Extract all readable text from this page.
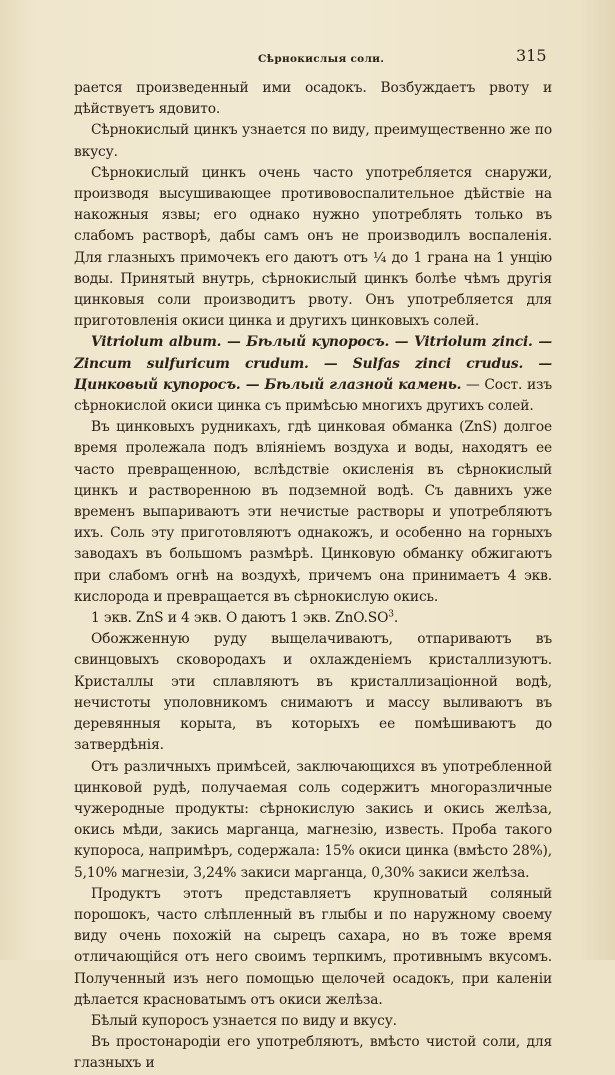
Сѣрнокислыя соли.	315

рается произведенный ими осадокъ. Возбуждаетъ рвоту и дѣйствуетъ ядовито.

Сѣрнокислый цинкъ узнается по виду, преимущественно же по вкусу.

Сѣрнокислый цинкъ очень часто употребляется снаружи, производя высушивающее противовоспалительное дѣйствіе на накожныя язвы; его однако нужно употреблять только въ слабомъ растворѣ, дабы самъ онъ не производилъ воспаленія. Для глазныхъ примочекъ его даютъ отъ ¼ до 1 грана на 1 унцію воды. Принятый внутрь, сѣрнокислый цинкъ болѣе чѣмъ другія цинковыя соли производитъ рвоту. Онъ употребляется для приготовленія окиси цинка и другихъ цинковыхъ солей.

Vitriolum album. — Бѣлый купоросъ. — Vitriolum zinci. — Zincum sulfuricum crudum. — Sulfas zinci crudus. — Цинковый купоросъ. — Бѣлый глазной камень. — Сост. изъ сѣрнокислой окиси цинка съ примѣсью многихъ другихъ солей.

Въ цинковыхъ рудникахъ, гдѣ цинковая обманка (ZnS) долгое время пролежала подъ вліяніемъ воздуха и воды, находятъ ее часто превращенною, вслѣдствіе окисленія въ сѣрнокислый цинкъ и растворенною въ подземной водѣ. Съ давнихъ уже временъ выпариваютъ эти нечистые растворы и употребляютъ ихъ. Соль эту приготовляютъ однакожъ, и особенно на горныхъ заводахъ въ большомъ размѣрѣ. Цинковую обманку обжигаютъ при слабомъ огнѣ на воздухѣ, причемъ она принимаетъ 4 экв. кислорода и превращается въ сѣрнокислую окись.

1 экв. ZnS и 4 экв. O даютъ 1 экв. $ZnO.SO^3$.

Обожженную руду выщелачиваютъ, отпариваютъ въ свинцовыхъ сковородахъ и охлажденіемъ кристаллизуютъ. Кристаллы эти сплавляютъ въ кристаллизаціонной водѣ, нечистоты уполовникомъ снимаютъ и массу выливаютъ въ деревянныя корыта, въ которыхъ ее помѣшиваютъ до затвердѣнія.

Отъ различныхъ примѣсей, заключающихся въ употребленной цинковой рудѣ, получаемая соль содержитъ многоразличные чужеродные продукты: сѣрнокислую закись и окись желѣза, окись мѣди, закись марганца, магнезію, известь. Проба такого купороса, напримѣръ, содержала: 15% окиси цинка (вмѣсто 28%), 5,10% магнезіи, 3,24% закиси марганца, 0,30% закиси желѣза.

Продуктъ этотъ представляетъ крупноватый соляный порошокъ, часто слѣпленный въ глыбы и по наружному своему виду очень похожій на сырецъ сахара, но въ тоже время отличающійся отъ него своимъ терпкимъ, противнымъ вкусомъ. Полученный изъ него помощью щелочей осадокъ, при каленіи дѣлается красноватымъ отъ окиси желѣза.

Бѣлый купоросъ узнается по виду и вкусу.

Въ простонародіи его употребляютъ, вмѣсто чистой соли, для глазныхъ и
